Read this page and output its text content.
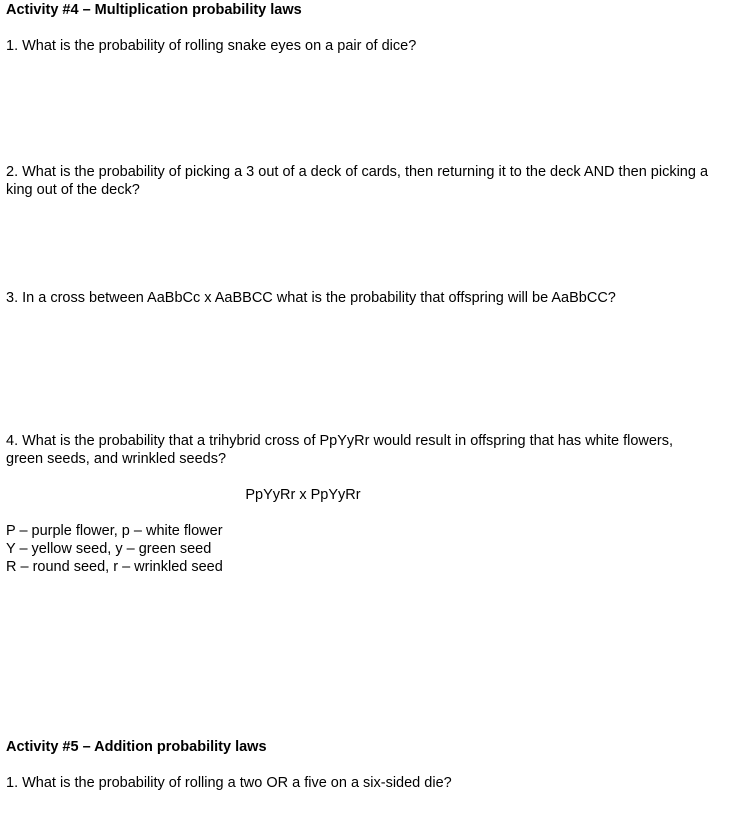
Activity #4 – Multiplication probability laws
1. What is the probability of rolling snake eyes on a pair of dice?
2. What is the probability of picking a 3 out of a deck of cards, then returning it to the deck AND then picking a king out of the deck?
3. In a cross between AaBbCc x AaBBCC what is the probability that offspring will be AaBbCC?
4. What is the probability that a trihybrid cross of PpYyRr would result in offspring that has white flowers, green seeds, and wrinkled seeds?
PpYyRr x PpYyRr
P – purple flower, p – white flower
Y – yellow seed, y – green seed
R – round seed, r – wrinkled seed
Activity #5 – Addition probability laws
1. What is the probability of rolling a two OR a five on a six-sided die?
